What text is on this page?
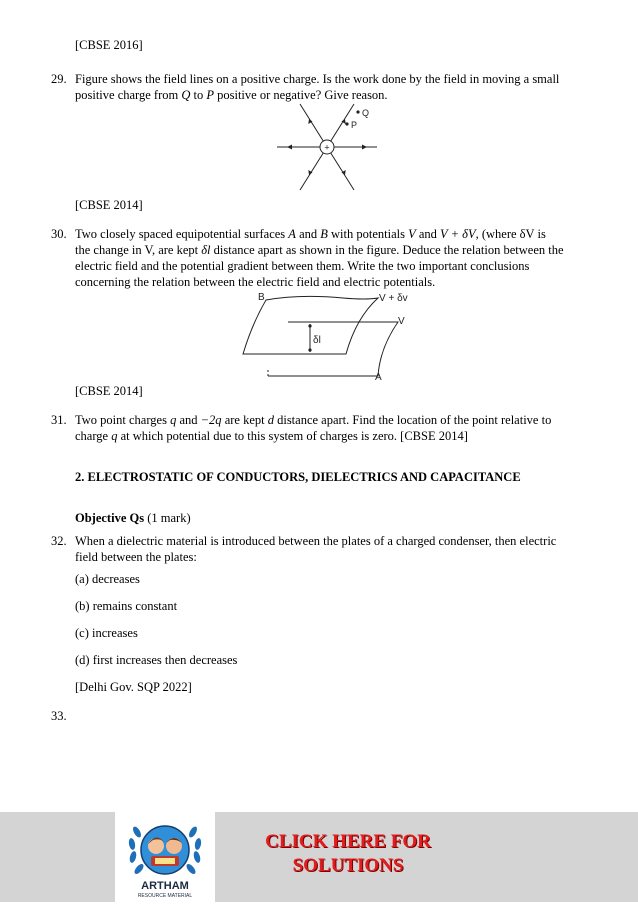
[CBSE 2016]
29. Figure shows the field lines on a positive charge. Is the work done by the field in moving a small
positive charge from Q to P positive or negative? Give reason.
+
Q
P
[CBSE 2014]
30. Two closely spaced equipotential surfaces A and B with potentials V and V + δV, (where δV is
the change in V, are kept δl distance apart as shown in the figure. Deduce the relation between the
electric field and the potential gradient between them. Write the two important conclusions
concerning the relation between the electric field and electric potentials.
B	V + δv
V
δl
A
[CBSE 2014]
31. Two point charges q and −2q are kept d distance apart. Find the location of the point relative to
charge q at which potential due to this system of charges is zero. [CBSE 2014]
2. ELECTROSTATIC OF CONDUCTORS, DIELECTRICS AND CAPACITANCE
Objective Qs (1 mark)
32. When a dielectric material is introduced between the plates of a charged condenser, then electric
field between the plates:
(a) decreases
(b) remains constant
(c) increases
(d) first increases then decreases
[Delhi Gov. SQP 2022]
33.
ARTHAM
RESOURCE MATERIAL
CLICK HERE FOR
SOLUTIONS
